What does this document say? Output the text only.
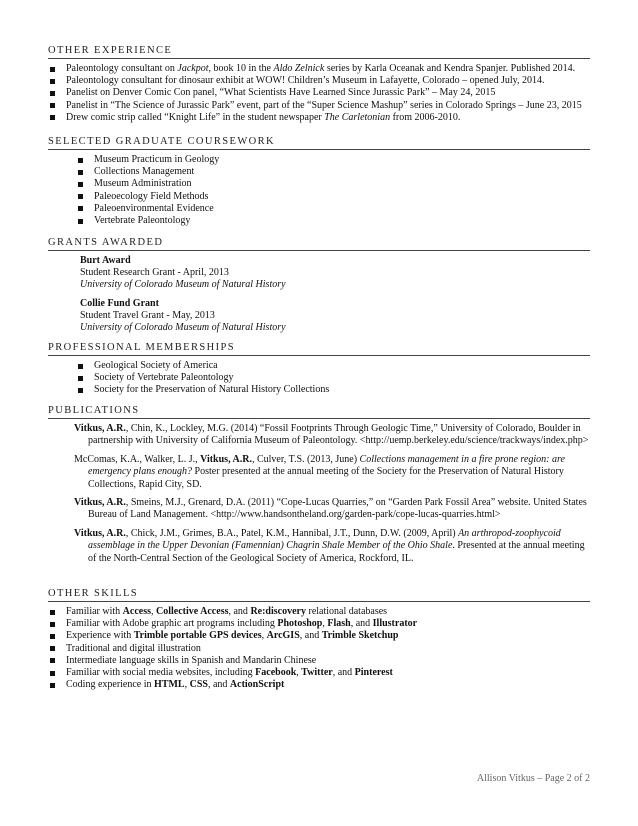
OTHER EXPERIENCE
Paleontology consultant on Jackpot, book 10 in the Aldo Zelnick series by Karla Oceanak and Kendra Spanjer. Published 2014.
Paleontology consultant for dinosaur exhibit at WOW! Children’s Museum in Lafayette, Colorado – opened July, 2014.
Panelist on Denver Comic Con panel, “What Scientists Have Learned Since Jurassic Park” – May 24, 2015
Panelist in “The Science of Jurassic Park” event, part of the “Super Science Mashup” series in Colorado Springs – June 23, 2015
Drew comic strip called “Knight Life” in the student newspaper The Carletonian from 2006-2010.
SELECTED GRADUATE COURSEWORK
Museum Practicum in Geology
Collections Management
Museum Administration
Paleoecology Field Methods
Paleoenvironmental Evidence
Vertebrate Paleontology
GRANTS AWARDED
Burt Award
Student Research Grant - April, 2013
University of Colorado Museum of Natural History
Collie Fund Grant
Student Travel Grant - May, 2013
University of Colorado Museum of Natural History
PROFESSIONAL MEMBERSHIPS
Geological Society of America
Society of Vertebrate Paleontology
Society for the Preservation of Natural History Collections
PUBLICATIONS
Vitkus, A.R., Chin, K., Lockley, M.G. (2014) “Fossil Footprints Through Geologic Time,” University of Colorado, Boulder in partnership with University of California Museum of Paleontology. <http://uemp.berkeley.edu/science/trackways/index.php>
McComas, K.A., Walker, L. J., Vitkus, A.R., Culver, T.S. (2013, June) Collections management in a fire prone region: are emergency plans enough? Poster presented at the annual meeting of the Society for the Preservation of Natural History Collections, Rapid City, SD.
Vitkus, A.R., Smeins, M.J., Grenard, D.A. (2011) “Cope-Lucas Quarries,” on “Garden Park Fossil Area” website. United States Bureau of Land Management. <http://www.handsontheland.org/garden-park/cope-lucas-quarries.html>
Vitkus, A.R., Chick, J.M., Grimes, B.A., Patel, K.M., Hannibal, J.T., Dunn, D.W. (2009, April) An arthropod-zoophycoid assemblage in the Upper Devonian (Famennian) Chagrin Shale Member of the Ohio Shale. Presented at the annual meeting of the North-Central Section of the Geological Society of America, Rockford, IL.
OTHER SKILLS
Familiar with Access, Collective Access, and Re:discovery relational databases
Familiar with Adobe graphic art programs including Photoshop, Flash, and Illustrator
Experience with Trimble portable GPS devices, ArcGIS, and Trimble Sketchup
Traditional and digital illustration
Intermediate language skills in Spanish and Mandarin Chinese
Familiar with social media websites, including Facebook, Twitter, and Pinterest
Coding experience in HTML, CSS, and ActionScript
Allison Vitkus – Page 2 of 2
